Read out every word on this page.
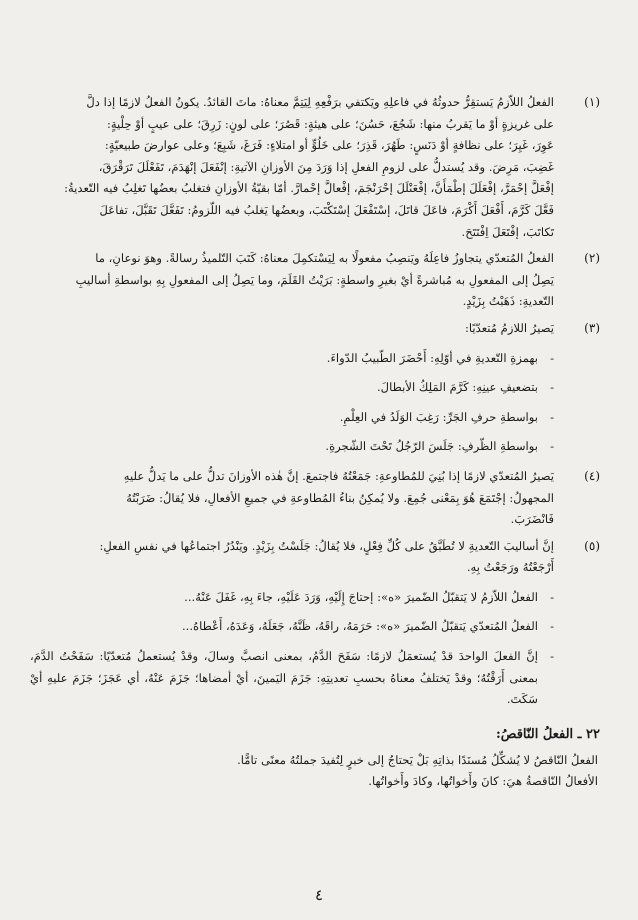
(١)
الفعلُ اللاّزمُ يَستقِرُّ حدوثُهُ في فاعلِهِ ويَكتفي برَفْعِهِ لِيَتِمَّ معناهُ: ماتَ القائدُ. يكونُ الفعلُ لازمًا إذا دلَّ
على غريزةٍ أوْ ما يَقربُ منها: شَجُعَ، حَسُنَ؛ على هيئةٍ: قَصُرَ؛ على لونٍ: زَرِقَ؛ على عيبٍ أوْ حِلْيةٍ:
عَوِرَ، غَيِرَ؛ على نظافةٍ أوْ دَنَسٍ: طَهُرَ، قَذِرَ؛ على خَلُوٍّ أو امتلاءٍ: فَرَغَ، شَبِعَ؛ وعلى عوارضَ طبيعيّةٍ:
غَضِبَ، مَرِضَ. وقد يُستدلُّ على لزومِ الفعلِ إذا وَرَدَ مِنَ الأوزانِ الآتيةِ: إنْفَعَلَ إنْهَدَمَ، تَفَعْلَلَ تَرَقْرَقَ،
إفْعَلَّ إحْمَرَّ، إفْعَلَلَ إطْمَأَنَّ، إفْعَنْلَلَ إحْرَنْجَمَ، إفْعالَّ إحْمارَّ. أمّا بقيّةُ الأوزانِ فتغلبُ بعضُها تَغلِبُ فيه التّعديةُ:
فَعَّلَ كَرَّمَ، أَفْعَلَ أَكْرَمَ، فاعَلَ قاتَلَ، إسْتَفْعَلَ إسْتَكْتَبَ، وبعضُها يَغلبُ فيه اللّزومُ: تَفَعَّلَ تَقَبَّلَ، تفاعَلَ
تَكاتَبَ، إفْتَعَلَ اِفْتَتَحَ.
(٢)
الفعلُ المُتعدّي يتجاوزُ فاعِلَهُ ويَنصِبُ مفعولًا به لِيَسْتكمِلَ معناهُ: كَتَبَ التّلميذُ رسالةً. وهوَ نوعانِ، ما
يَصِلُ إلى المفعولِ به مُباشرةً أيْ بغيرِ واسطةٍ: بَرَيْتُ القَلَمَ، وما يَصِلُ إلى المفعولِ بِهِ بواسطةِ أساليبِ
التّعديةِ: ذَهَبْتُ بِزَيْدٍ.
(٣)
يَصيرُ اللازمُ مُتعدّيًا:
- بهمزةِ التّعديةِ في أوّلِهِ: أَحْضَرَ الطّبيبُ الدّواءَ.
- بتضعيفِ عينِهِ: كَرَّمَ المَلِكُ الأبطالَ.
- بواسطةِ حرفِ الجَرِّ: رَغِبَ الوَلَدُ في العِلْمِ.
- بواسطةِ الظّرفِ: جَلَسَ الرّجُلُ تَحْتَ الشّجرةِ.
(٤)
يَصيرُ المُتعدّي لازمًا إذا بُنِيَ للمُطاوعةِ: جَمَعْتُهُ فاجتمعَ. إنَّ هٰذه الأوزانَ تدلُّ على ما يَدلُّ عليهِ
المجهولُ: إجْتَمَعَ هُوَ بِمَعْنى جُمِعَ. ولا يُمكِنُ بناءُ المُطاوعةِ في جميعِ الأفعالِ، فلا يُقالُ: ضَرَبْتُهُ
فَانْضَرَبَ.
(٥)
إنَّ أساليبَ التّعديةِ لا تُطَبَّقُ على كُلِّ فِعْلٍ، فلا يُقالُ: جَلَسْتُ بِزَيْدٍ. ويَنْدُرُ اجتماعُها في نفسِ الفعلِ:
أَرْجَعْتُهُ ورَجَعْتُ بِهِ.
- الفعلُ اللاّزمُ لا يَتقبّلُ الضّميرَ «ه»: إحتاجَ إِلَيْهِ، وَرَدَ عَلَيْهِ، جاءَ بِهِ، غَفَلَ عَنْهُ...
- الفعلُ المُتعدّي يَتقبّلُ الضّميرَ «ه»: حَرَمَهُ، راقَهُ، ظَنَّهُ، جَعَلَهُ، وَعَدَهُ، أَعْطاهُ...
- إنَّ الفعلَ الواحدَ قدْ يُستعمَلُ لازمًا: سَفَحَ الدَّمُ، بمعنى انصبَّ وسالَ، وقدْ يُستعملُ مُتعدّيًا: سَفَحْتُ الدَّمَ، بمعنى أَرَقْتُهُ؛ وقدْ يَختلفُ معناهُ بحسبِ تعديتِهِ: جَزَمَ اليَمينَ، أيْ أمضاها؛ جَزَمَ عَنْهُ، أي عَجَزَ؛ جَزَمَ عليهِ أيْ سَكَتَ.
٢٢ ـ الفعلُ النّاقصُ:
الفعلُ النّاقصُ لا يُشكِّلُ مُسنَدًا بذاتِهِ بَلْ يَحتاجُ إلى خبرٍ لِتُفيدَ جملتُهُ معنًى تامًّا.
الأفعالُ النّاقصةُ هيَ: كانَ وأَخواتُها، وكادَ وأَخواتُها.
٤
